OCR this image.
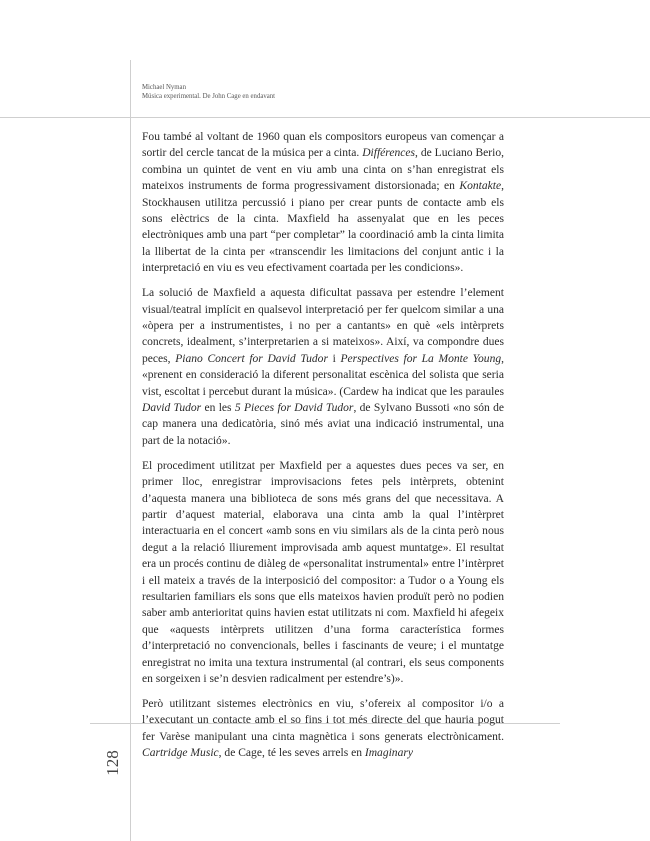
Michael Nyman
Música experimental. De John Cage en endavant
128

Fou també al voltant de 1960 quan els compositors europeus van començar a sortir del cercle tancat de la música per a cinta. Différences, de Luciano Berio, combina un quintet de vent en viu amb una cinta on s’han enregistrat els mateixos instruments de forma progressivament distorsionada; en Kontakte, Stockhausen utilitza percussió i piano per crear punts de contacte amb els sons elèctrics de la cinta. Maxfield ha assenyalat que en les peces electròniques amb una part “per completar” la coordinació amb la cinta limita la llibertat de la cinta per «transcendir les limitacions del conjunt antic i la interpretació en viu es veu efectivament coartada per les condicions».

La solució de Maxfield a aquesta dificultat passava per estendre l’element visual/teatral implícit en qualsevol interpretació per fer quelcom similar a una «òpera per a instrumentistes, i no per a cantants» en què «els intèrprets concrets, idealment, s’interpretarien a si mateixos». Així, va compondre dues peces, Piano Concert for David Tudor i Perspectives for La Monte Young, «prenent en consideració la diferent personalitat escènica del solista que seria vist, escoltat i percebut durant la música». (Cardew ha indicat que les paraules David Tudor en les 5 Pieces for David Tudor, de Sylvano Bussoti «no són de cap manera una dedicatòria, sinó més aviat una indicació instrumental, una part de la notació».

El procediment utilitzat per Maxfield per a aquestes dues peces va ser, en primer lloc, enregistrar improvisacions fetes pels intèrprets, obtenint d’aquesta manera una biblioteca de sons més grans del que necessitava. A partir d’aquest material, elaborava una cinta amb la qual l’intèrpret interactuaria en el concert «amb sons en viu similars als de la cinta però nous degut a la relació lliurement improvisada amb aquest muntatge». El resultat era un procés continu de diàleg de «personalitat instrumental» entre l’intèrpret i ell mateix a través de la interposició del compositor: a Tudor o a Young els resultarien familiars els sons que ells mateixos havien produït però no podien saber amb anterioritat quins havien estat utilitzats ni com. Maxfield hi afegeix que «aquests intèrprets utilitzen d’una forma característica formes d’interpretació no convencionals, belles i fascinants de veure; i el muntatge enregistrat no imita una textura instrumental (al contrari, els seus components en sorgeixen i se’n desvien radicalment per estendre’s)».

Però utilitzant sistemes electrònics en viu, s’ofereix al compositor i/o a l’executant un contacte amb el so fins i tot més directe del que hauria pogut fer Varèse manipulant una cinta magnètica i sons generats electrònicament. Cartridge Music, de Cage, té les seves arrels en Imaginary
